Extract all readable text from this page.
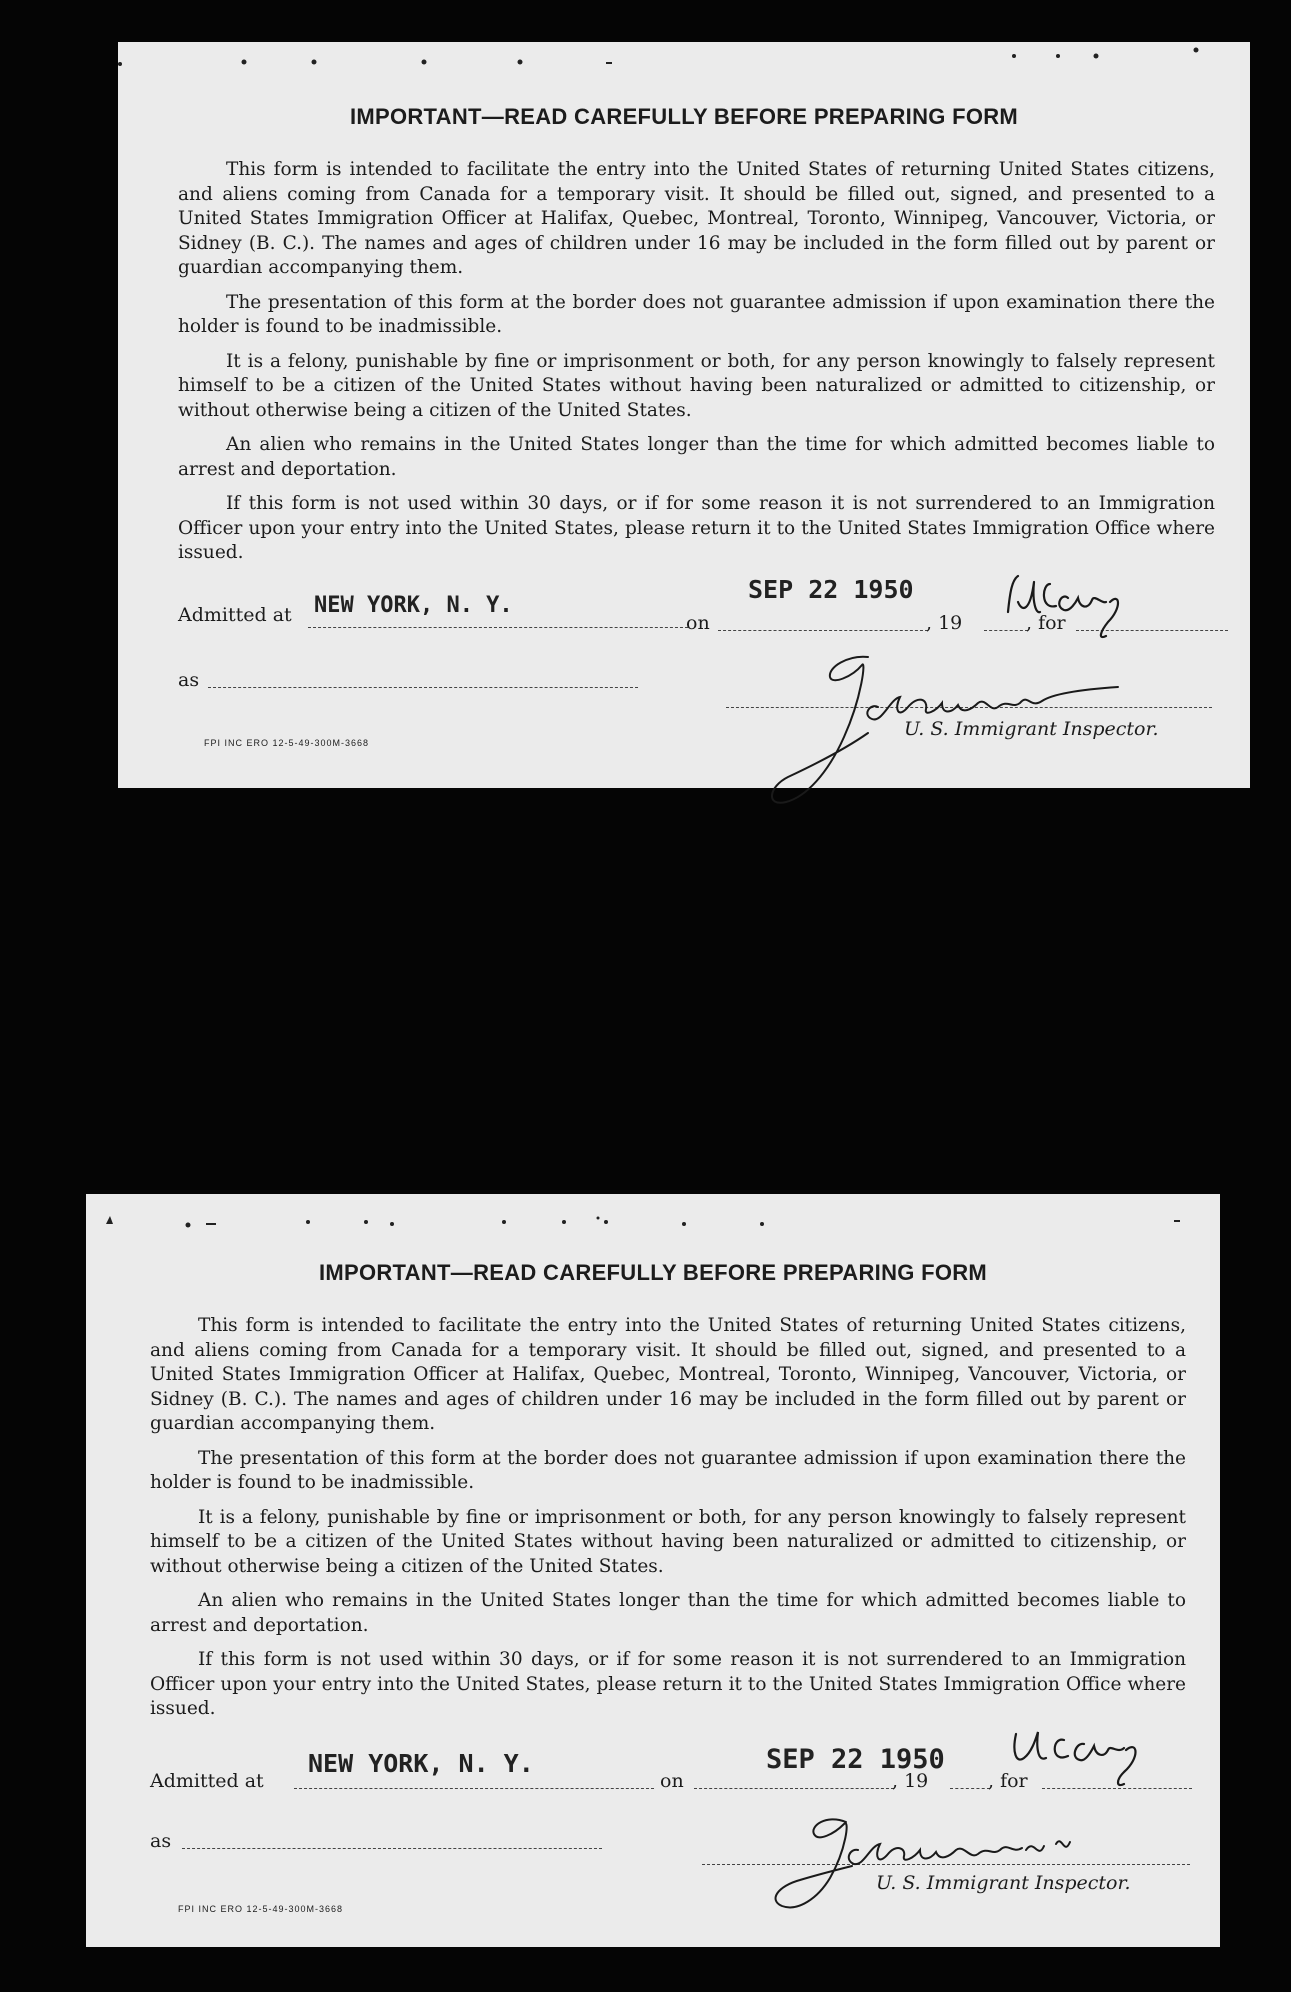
IMPORTANT—READ CAREFULLY BEFORE PREPARING FORM

This form is intended to facilitate the entry into the United States of returning United States citizens, and aliens coming from Canada for a temporary visit. It should be filled out, signed, and presented to a United States Immigration Officer at Halifax, Quebec, Montreal, Toronto, Winnipeg, Vancouver, Victoria, or Sidney (B. C.). The names and ages of children under 16 may be included in the form filled out by parent or guardian accompanying them.

The presentation of this form at the border does not guarantee admission if upon examination there the holder is found to be inadmissible.

It is a felony, punishable by fine or imprisonment or both, for any person knowingly to falsely represent himself to be a citizen of the United States without having been naturalized or admitted to citizenship, or without otherwise being a citizen of the United States.

An alien who remains in the United States longer than the time for which admitted becomes liable to arrest and deportation.

If this form is not used within 30 days, or if for some reason it is not surrendered to an Immigration Officer upon your entry into the United States, please return it to the United States Immigration Office where issued.

Admitted at NEW YORK, N. Y.
on
SEP 22 1950
, 19	, for
as
U. S. Immigrant Inspector.
FPI INC ERO 12-5-49-300M-3668
IMPORTANT—READ CAREFULLY BEFORE PREPARING FORM

This form is intended to facilitate the entry into the United States of returning United States citizens, and aliens coming from Canada for a temporary visit. It should be filled out, signed, and presented to a United States Immigration Officer at Halifax, Quebec, Montreal, Toronto, Winnipeg, Vancouver, Victoria, or Sidney (B. C.). The names and ages of children under 16 may be included in the form filled out by parent or guardian accompanying them.

The presentation of this form at the border does not guarantee admission if upon examination there the holder is found to be inadmissible.

It is a felony, punishable by fine or imprisonment or both, for any person knowingly to falsely represent himself to be a citizen of the United States without having been naturalized or admitted to citizenship, or without otherwise being a citizen of the United States.

An alien who remains in the United States longer than the time for which admitted becomes liable to arrest and deportation.

If this form is not used within 30 days, or if for some reason it is not surrendered to an Immigration Officer upon your entry into the United States, please return it to the United States Immigration Office where issued.

Admitted at
NEW YORK, N. Y.
on
SEP 22 1950
, 19	, for
as
U. S. Immigrant Inspector.
FPI INC ERO 12-5-49-300M-3668
